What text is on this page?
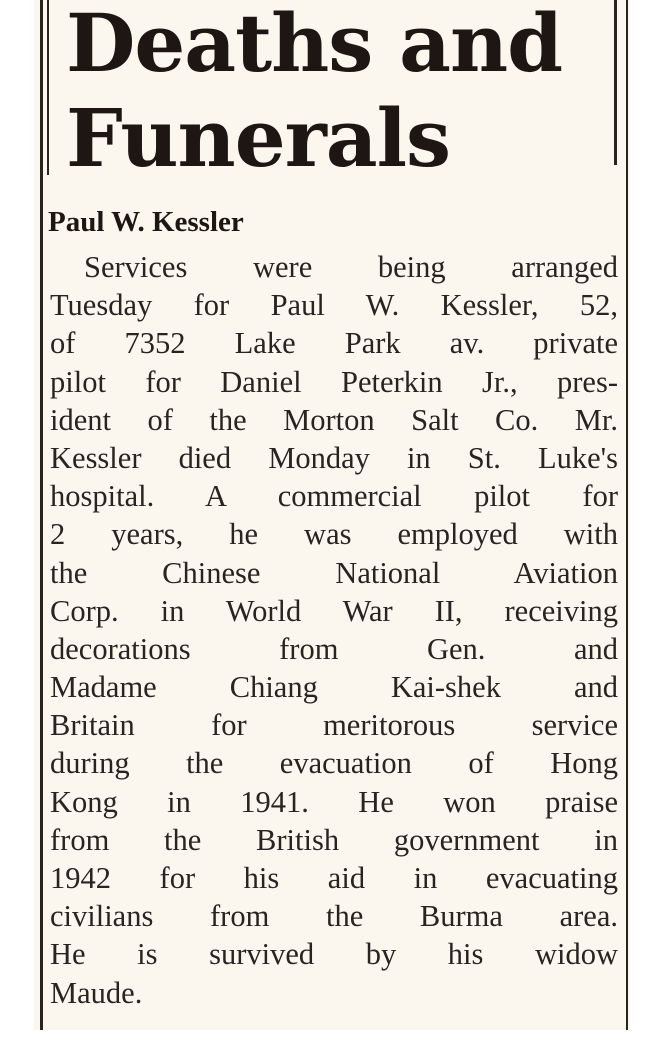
Deaths and
Funerals
Paul W. Kessler
Services were being arranged
Tuesday for Paul W. Kessler, 52,
of 7352 Lake Park av. private
pilot for Daniel Peterkin Jr., pres-
ident of the Morton Salt Co. Mr.
Kessler died Monday in St. Luke's
hospital. A commercial pilot for
2 years, he was employed with
the Chinese National Aviation
Corp. in World War II, receiving
decorations from Gen. and
Madame Chiang Kai-shek and
Britain for meritorous service
during the evacuation of Hong
Kong in 1941. He won praise
from the British government in
1942 for his aid in evacuating
civilians from the Burma area.
He is survived by his widow
Maude.
